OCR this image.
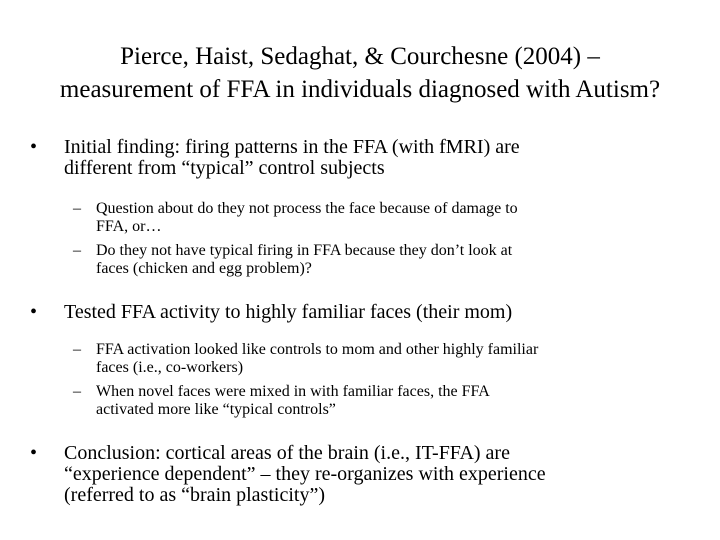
Pierce, Haist, Sedaghat, & Courchesne (2004) –
measurement of FFA in individuals diagnosed with Autism?
•	Initial finding: firing patterns in the FFA (with fMRI) are
different from “typical” control subjects
– Question about do they not process the face because of damage to
FFA, or…
– Do they not have typical firing in FFA because they don’t look at
faces (chicken and egg problem)?
•	Tested FFA activity to highly familiar faces (their mom)
– FFA activation looked like controls to mom and other highly familiar
faces (i.e., co-workers)
– When novel faces were mixed in with familiar faces, the FFA
activated more like “typical controls”
•	Conclusion: cortical areas of the brain (i.e., IT-FFA) are
“experience dependent” – they re-organizes with experience
(referred to as “brain plasticity”)
